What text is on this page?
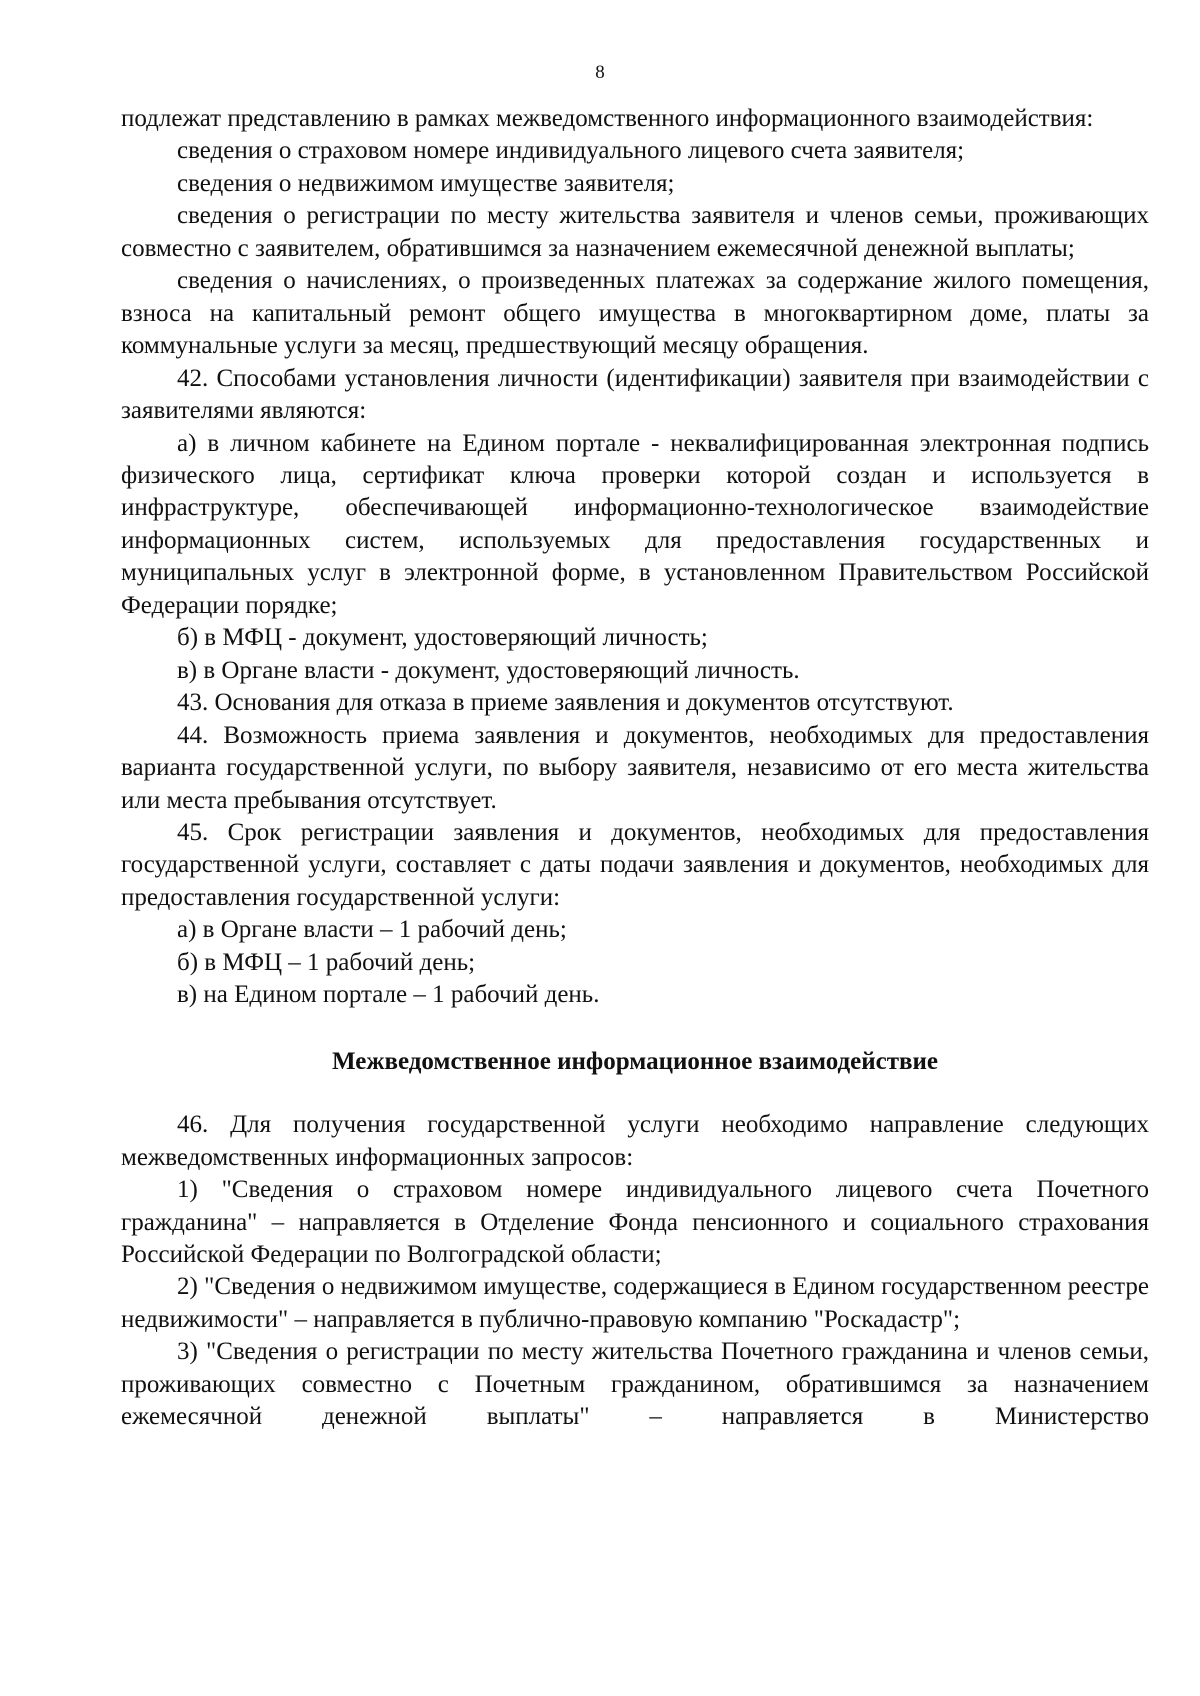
8

подлежат представлению в рамках межведомственного информационного взаимодействия:

сведения о страховом номере индивидуального лицевого счета заявителя;

сведения о недвижимом имуществе заявителя;

сведения о регистрации по месту жительства заявителя и членов семьи, проживающих совместно с заявителем, обратившимся за назначением ежемесячной денежной выплаты;

сведения о начислениях, о произведенных платежах за содержание жилого помещения, взноса на капитальный ремонт общего имущества в многоквартирном доме, платы за коммунальные услуги за месяц, предшествующий месяцу обращения.

42. Способами установления личности (идентификации) заявителя при взаимодействии с заявителями являются:

а) в личном кабинете на Едином портале - неквалифицированная электронная подпись физического лица, сертификат ключа проверки которой создан и используется в инфраструктуре, обеспечивающей информационно-технологическое взаимодействие информационных систем, используемых для предоставления государственных и муниципальных услуг в электронной форме, в установленном Правительством Российской Федерации порядке;

б) в МФЦ - документ, удостоверяющий личность;

в) в Органе власти - документ, удостоверяющий личность.

43. Основания для отказа в приеме заявления и документов отсутствуют.

44. Возможность приема заявления и документов, необходимых для предоставления варианта государственной услуги, по выбору заявителя, независимо от его места жительства или места пребывания отсутствует.

45. Срок регистрации заявления и документов, необходимых для предоставления государственной услуги, составляет с даты подачи заявления и документов, необходимых для предоставления государственной услуги:

а) в Органе власти – 1 рабочий день;

б) в МФЦ – 1 рабочий день;

в) на Едином портале – 1 рабочий день.

Межведомственное информационное взаимодействие

46. Для получения государственной услуги необходимо направление следующих межведомственных информационных запросов:

1) "Сведения о страховом номере индивидуального лицевого счета Почетного гражданина" – направляется в Отделение Фонда пенсионного и социального страхования Российской Федерации по Волгоградской области;

2) "Сведения о недвижимом имуществе, содержащиеся в Едином государственном реестре недвижимости" – направляется в публично-правовую компанию "Роскадастр";

3) "Сведения о регистрации по месту жительства Почетного гражданина и членов семьи, проживающих совместно с Почетным гражданином, обратившимся за назначением ежемесячной денежной выплаты" – направляется в Министерство
